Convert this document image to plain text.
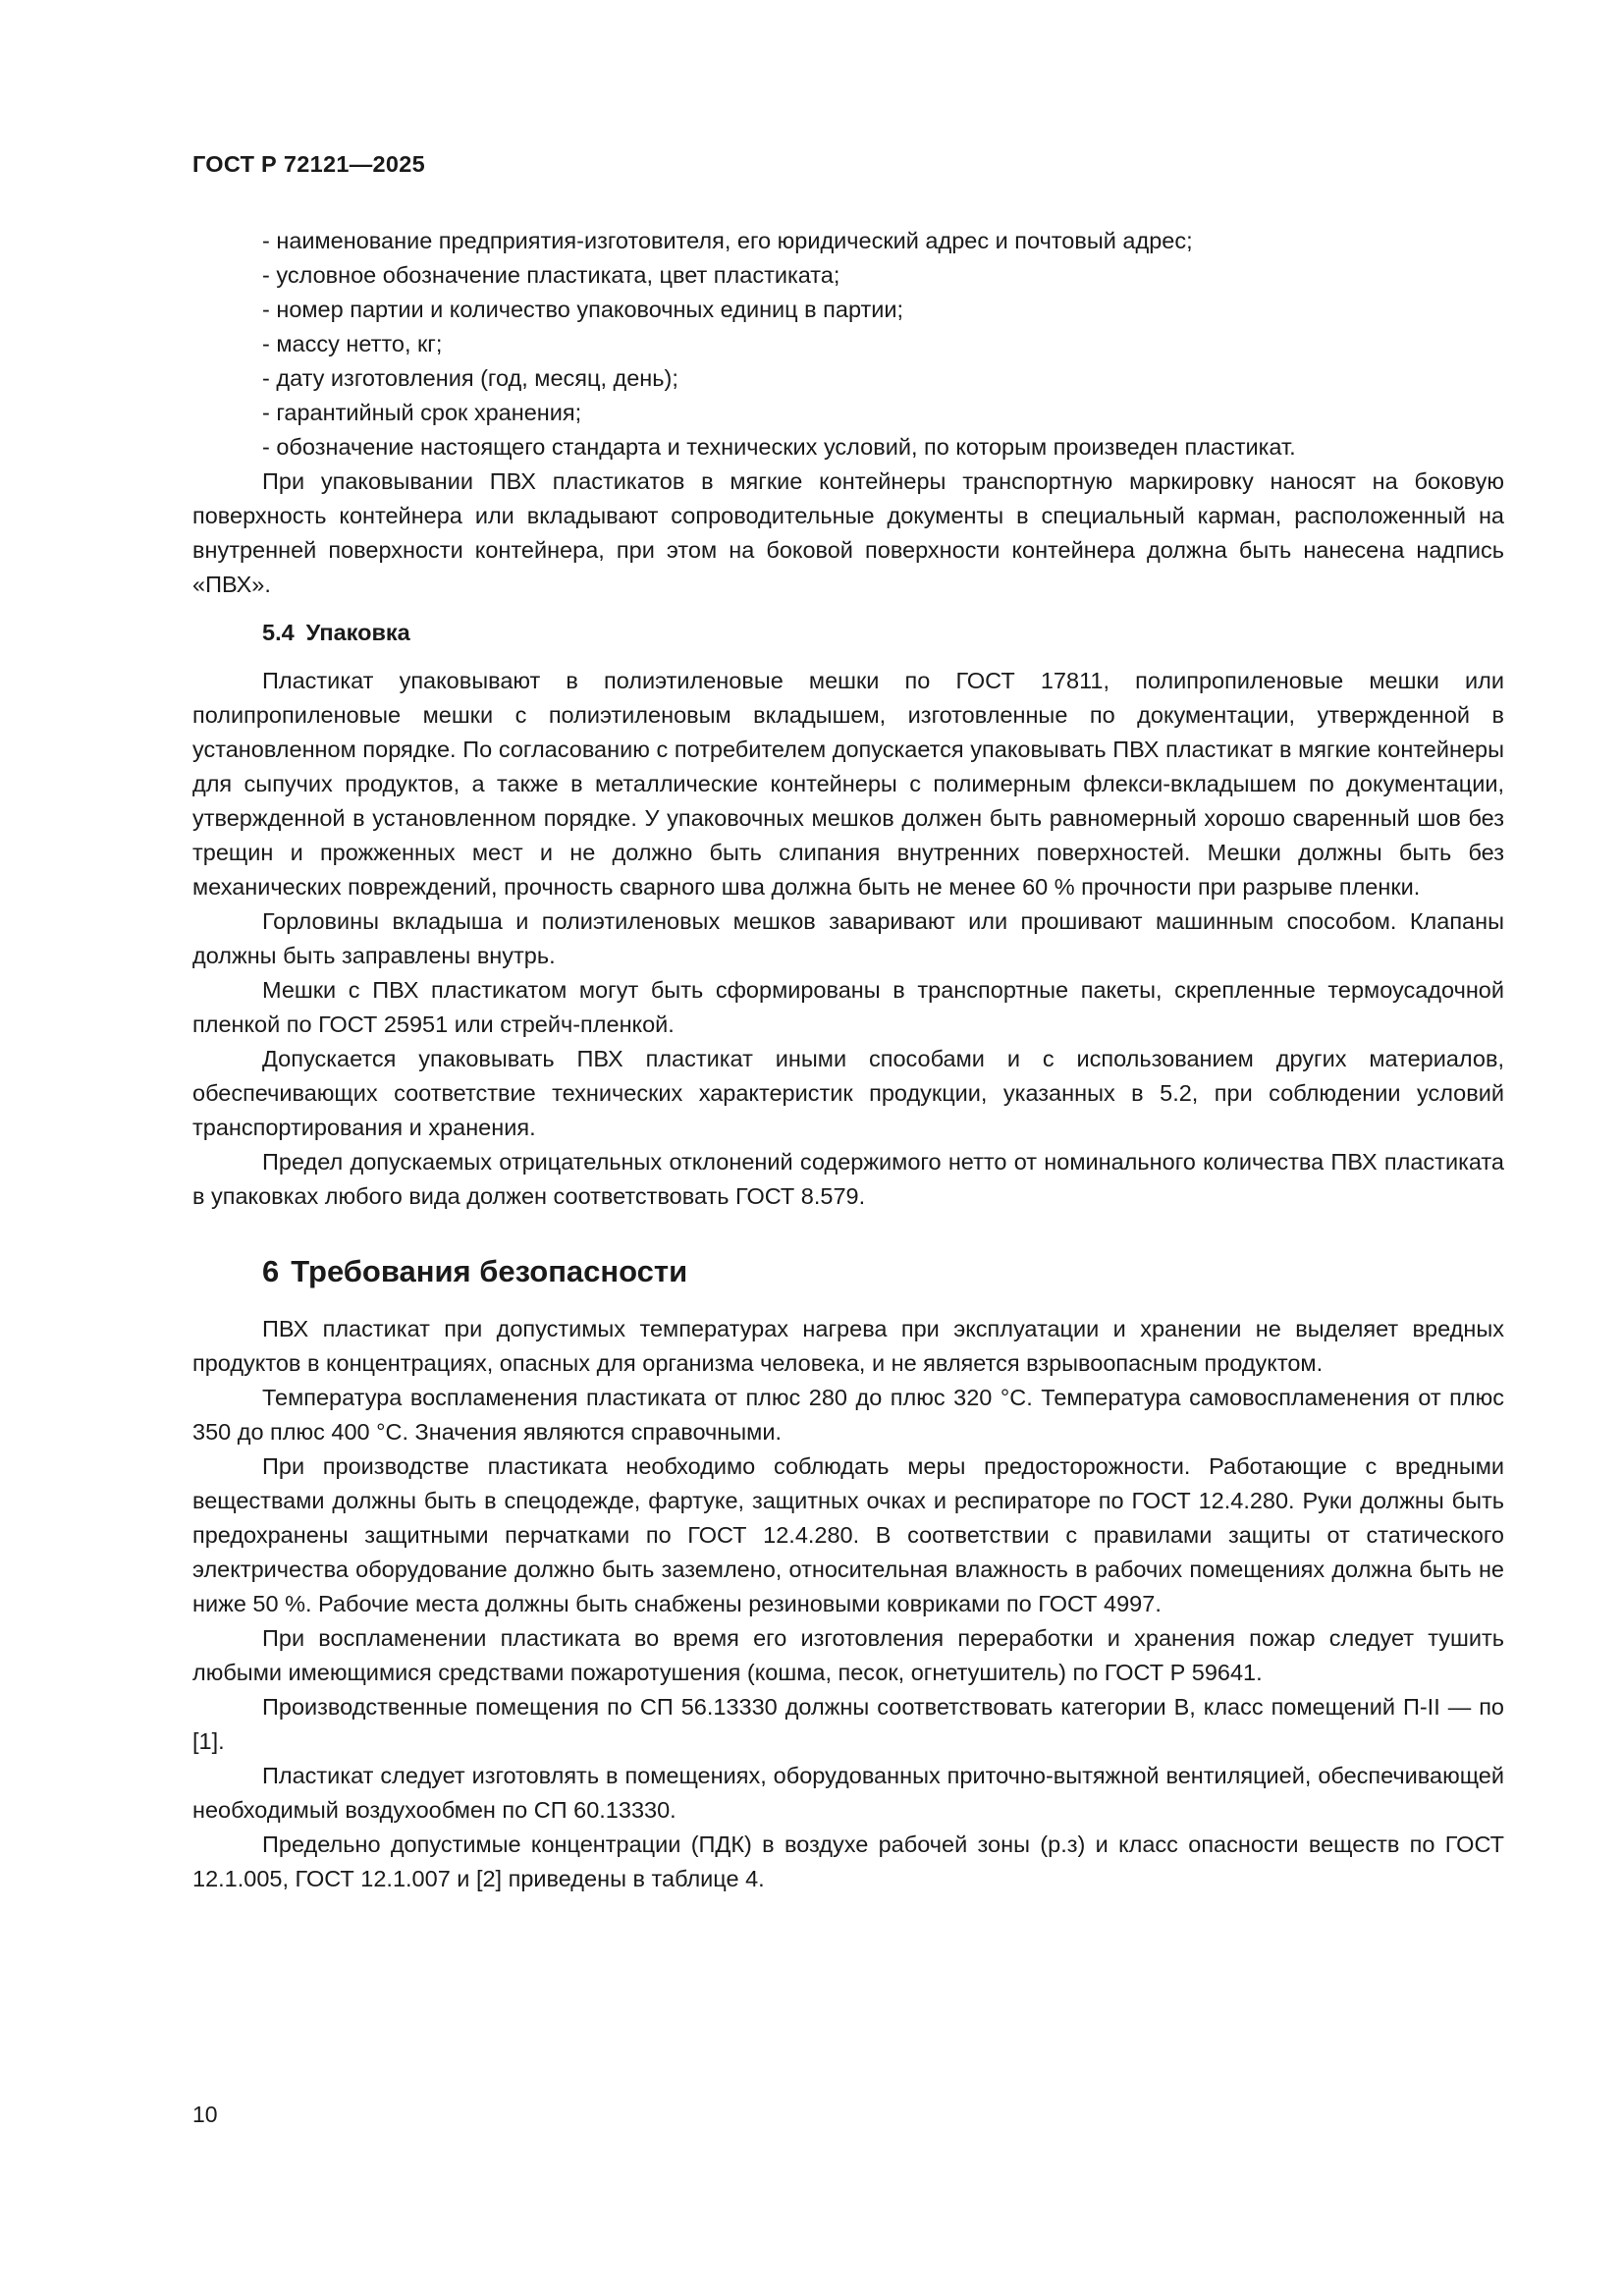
ГОСТ Р 72121—2025

- наименование предприятия-изготовителя, его юридический адрес и почтовый адрес;

- условное обозначение пластиката, цвет пластиката;

- номер партии и количество упаковочных единиц в партии;

- массу нетто, кг;

- дату изготовления (год, месяц, день);

- гарантийный срок хранения;

- обозначение настоящего стандарта и технических условий, по которым произведен пластикат.

При упаковывании ПВХ пластикатов в мягкие контейнеры транспортную маркировку наносят на боковую поверхность контейнера или вкладывают сопроводительные документы в специальный карман, расположенный на внутренней поверхности контейнера, при этом на боковой поверхности контейнера должна быть нанесена надпись «ПВХ».

5.4 Упаковка

Пластикат упаковывают в полиэтиленовые мешки по ГОСТ 17811, полипропиленовые мешки или полипропиленовые мешки с полиэтиленовым вкладышем, изготовленные по документации, утвержденной в установленном порядке. По согласованию с потребителем допускается упаковывать ПВХ пластикат в мягкие контейнеры для сыпучих продуктов, а также в металлические контейнеры с полимерным флекси-вкладышем по документации, утвержденной в установленном порядке. У упаковочных мешков должен быть равномерный хорошо сваренный шов без трещин и прожженных мест и не должно быть слипания внутренних поверхностей. Мешки должны быть без механических повреждений, прочность сварного шва должна быть не менее 60 % прочности при разрыве пленки.

Горловины вкладыша и полиэтиленовых мешков заваривают или прошивают машинным способом. Клапаны должны быть заправлены внутрь.

Мешки с ПВХ пластикатом могут быть сформированы в транспортные пакеты, скрепленные термоусадочной пленкой по ГОСТ 25951 или стрейч-пленкой.

Допускается упаковывать ПВХ пластикат иными способами и с использованием других материалов, обеспечивающих соответствие технических характеристик продукции, указанных в 5.2, при соблюдении условий транспортирования и хранения.

Предел допускаемых отрицательных отклонений содержимого нетто от номинального количества ПВХ пластиката в упаковках любого вида должен соответствовать ГОСТ 8.579.

6 Требования безопасности

ПВХ пластикат при допустимых температурах нагрева при эксплуатации и хранении не выделяет вредных продуктов в концентрациях, опасных для организма человека, и не является взрывоопасным продуктом.

Температура воспламенения пластиката от плюс 280 до плюс 320 °С. Температура самовоспламенения от плюс 350 до плюс 400 °С. Значения являются справочными.

При производстве пластиката необходимо соблюдать меры предосторожности. Работающие с вредными веществами должны быть в спецодежде, фартуке, защитных очках и респираторе по ГОСТ 12.4.280. Руки должны быть предохранены защитными перчатками по ГОСТ 12.4.280. В соответствии с правилами защиты от статического электричества оборудование должно быть заземлено, относительная влажность в рабочих помещениях должна быть не ниже 50 %. Рабочие места должны быть снабжены резиновыми ковриками по ГОСТ 4997.

При воспламенении пластиката во время его изготовления переработки и хранения пожар следует тушить любыми имеющимися средствами пожаротушения (кошма, песок, огнетушитель) по ГОСТ Р 59641.

Производственные помещения по СП 56.13330 должны соответствовать категории В, класс помещений П-II — по [1].

Пластикат следует изготовлять в помещениях, оборудованных приточно-вытяжной вентиляцией, обеспечивающей необходимый воздухообмен по СП 60.13330.

Предельно допустимые концентрации (ПДК) в воздухе рабочей зоны (р.з) и класс опасности веществ по ГОСТ 12.1.005, ГОСТ 12.1.007 и [2] приведены в таблице 4.

10
